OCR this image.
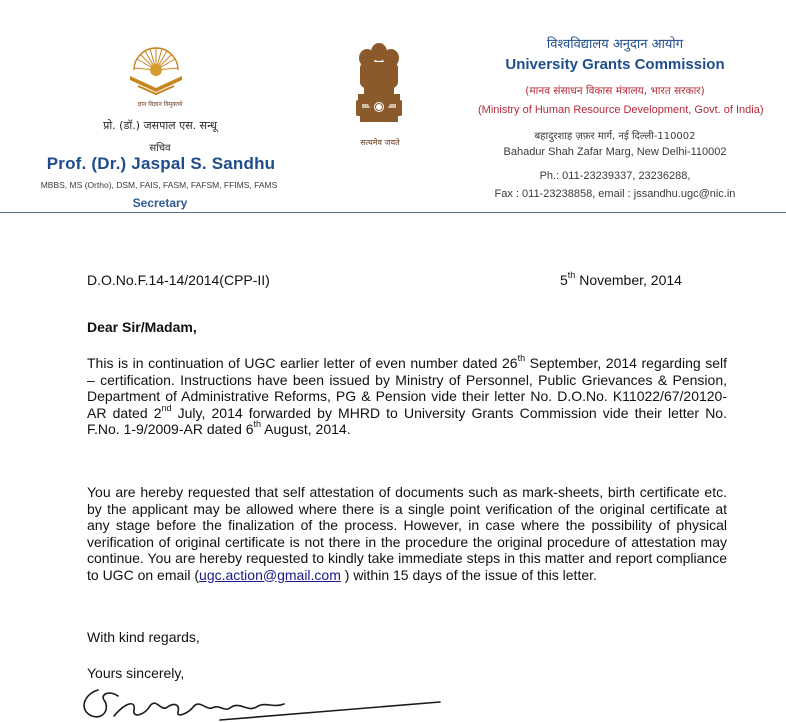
ज्ञान विज्ञान विमुक्तये
प्रो. (डॉ.) जसपाल एस. सन्धू
सचिव
Prof. (Dr.) Jaspal S. Sandhu
MBBS, MS (Ortho), DSM, FAIS, FASM, FAFSM, FFIMS, FAMS
Secretary
सत्यमेव जयते
विश्वविद्यालय अनुदान आयोग
University Grants Commission
(मानव संसाधन विकास मंत्रालय, भारत सरकार)
(Ministry of Human Resource Development, Govt. of India)
बहादुरशाह ज़फ़र मार्ग, नई दिल्ली-110002
Bahadur Shah Zafar Marg, New Delhi-110002
Ph.: 011-23239337, 23236288,
Fax : 011-23238858, email : jssandhu.ugc@nic.in
D.O.No.F.14-14/2014(CPP-II)	5th November, 2014
Dear Sir/Madam,
This is in continuation of UGC earlier letter of even number dated 26th September, 2014 regarding self – certification. Instructions have been issued by Ministry of Personnel, Public Grievances & Pension, Department of Administrative Reforms, PG & Pension vide their letter No. D.O.No. K11022/67/20120-AR dated 2nd July, 2014 forwarded by MHRD to University Grants Commission vide their letter No. F.No. 1-9/2009-AR dated 6th August, 2014.
You are hereby requested that self attestation of documents such as mark-sheets, birth certificate etc. by the applicant may be allowed where there is a single point verification of the original certificate at any stage before the finalization of the process. However, in case where the possibility of physical verification of original certificate is not there in the procedure the original procedure of attestation may continue. You are hereby requested to kindly take immediate steps in this matter and report compliance to UGC on email (ugc.action@gmail.com ) within 15 days of the issue of this letter.
With kind regards,
Yours sincerely,
